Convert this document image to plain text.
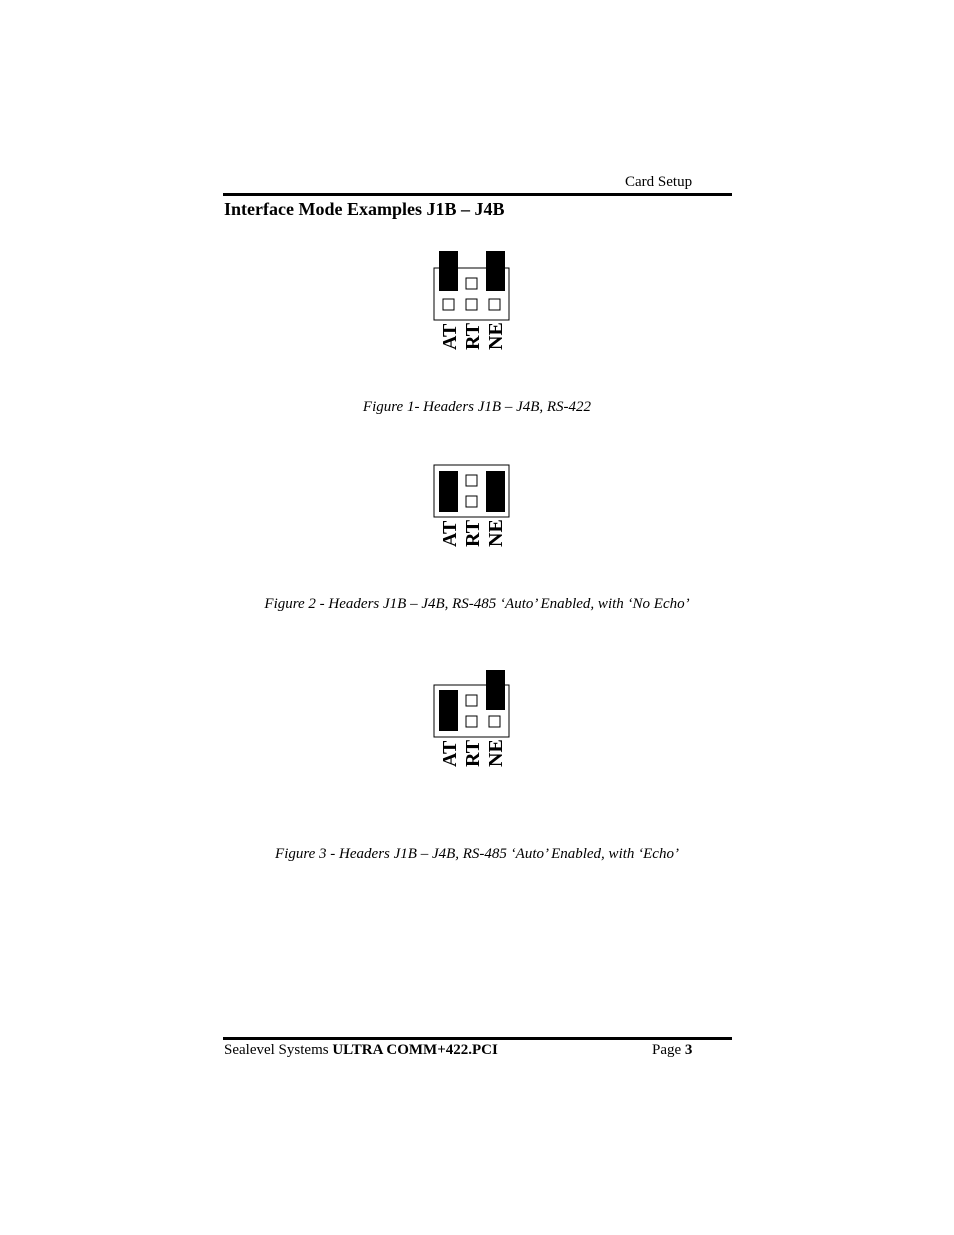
Card Setup
Interface Mode Examples J1B – J4B
AT RT NE
Figure 1- Headers J1B – J4B, RS-422
AT RT NE
Figure 2 - Headers J1B – J4B, RS-485 ‘Auto’ Enabled, with ‘No Echo’
AT RT NE
Figure 3 - Headers J1B – J4B, RS-485 ‘Auto’ Enabled, with ‘Echo’
Sealevel Systems ULTRA COMM+422.PCI	Page 3
